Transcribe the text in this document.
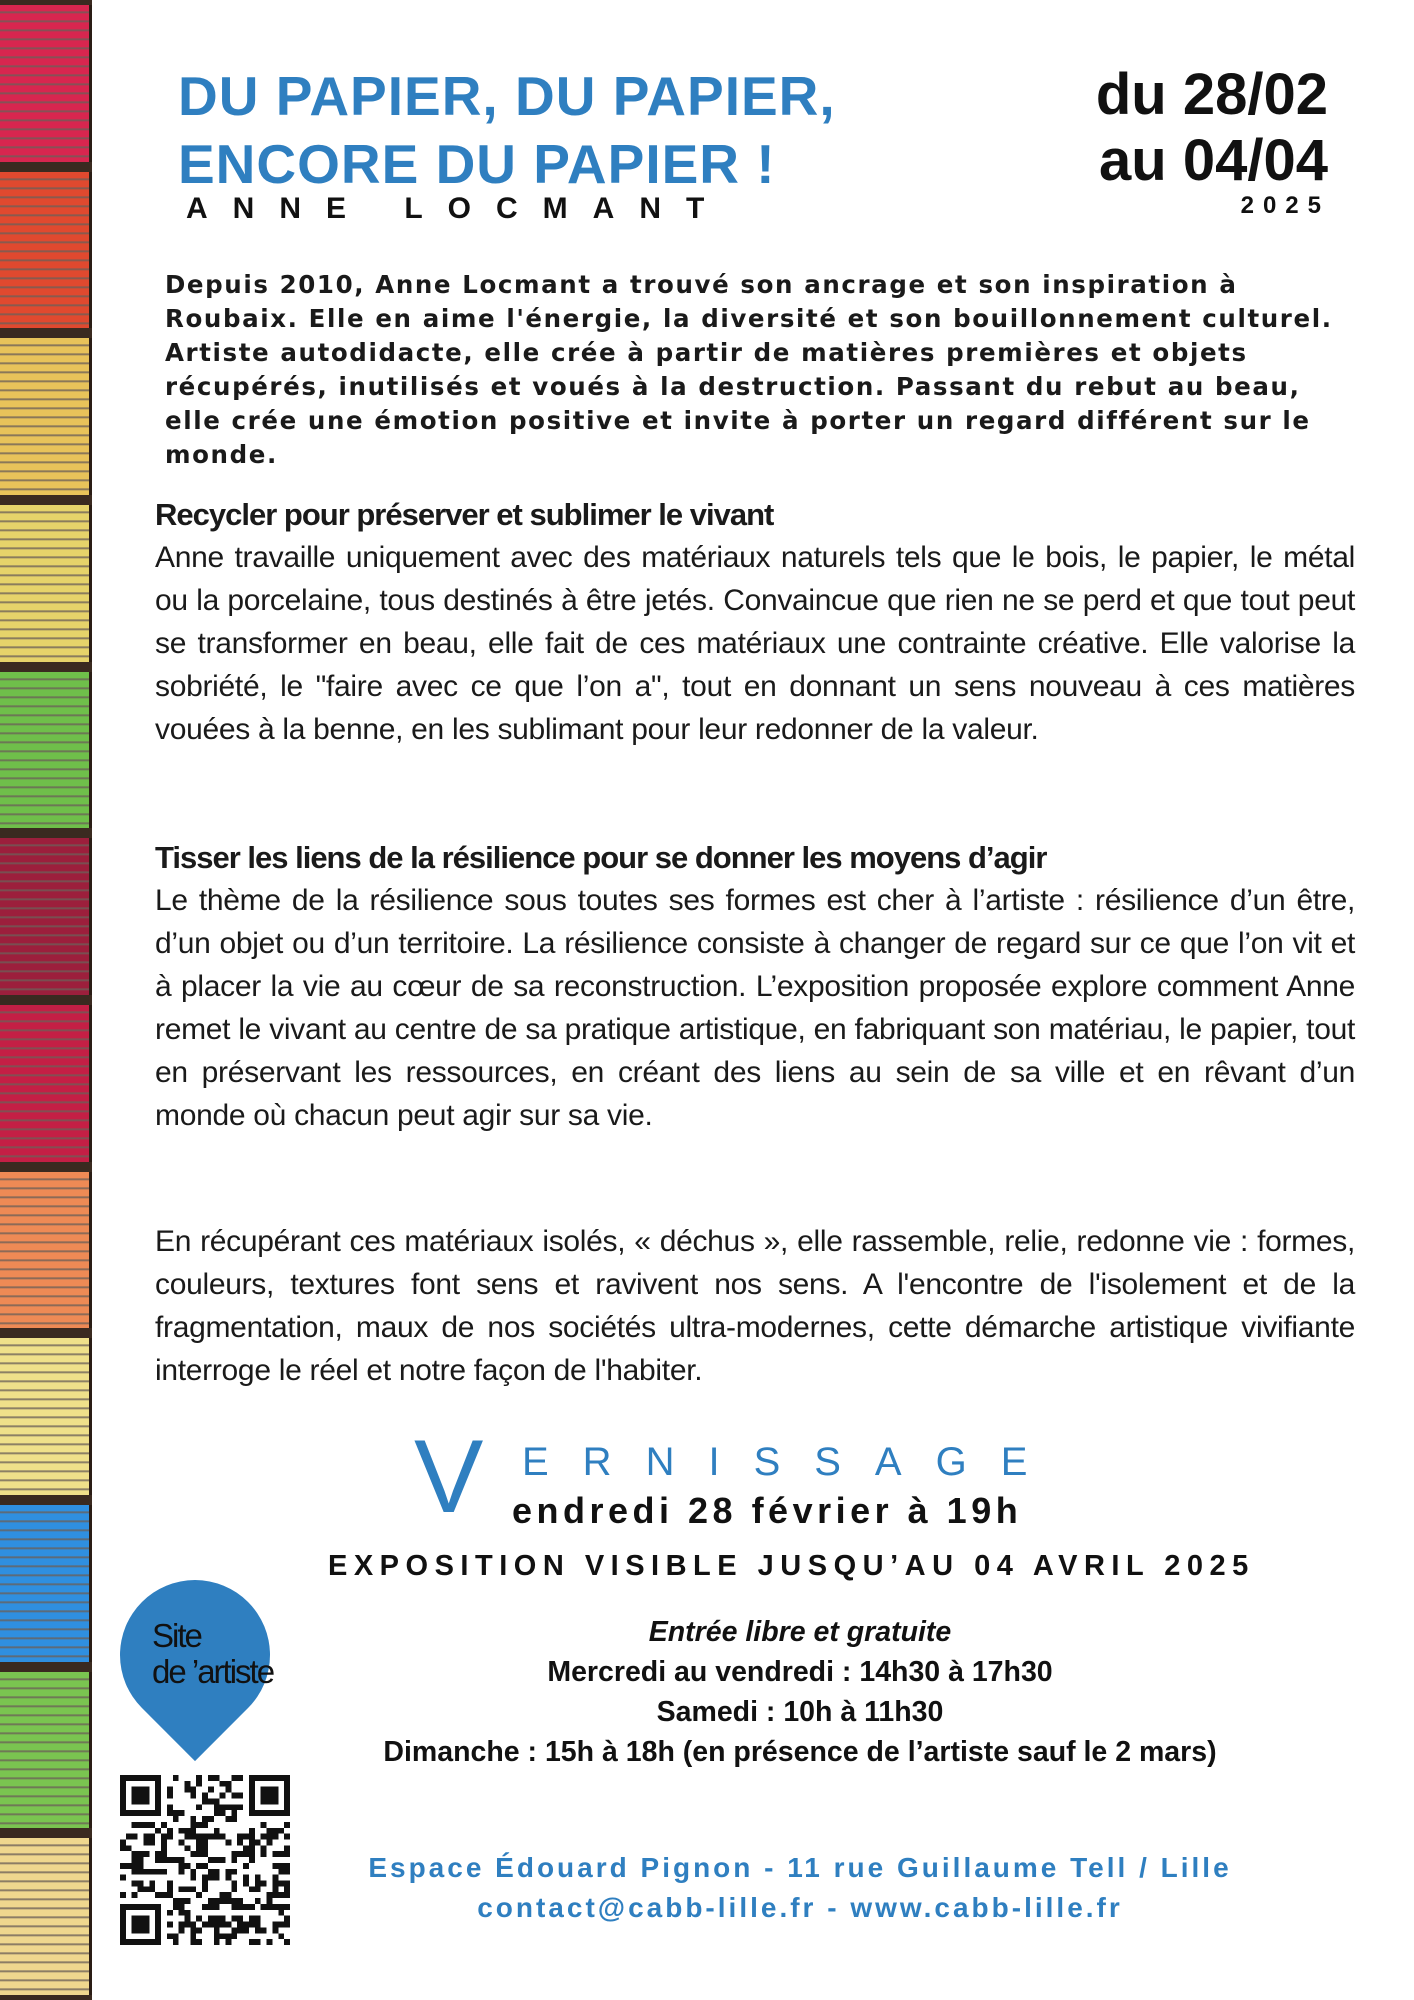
DU PAPIER, DU PAPIER,
ENCORE DU PAPIER !
ANNE LOCMANT
du 28/02
au 04/04
2025
Depuis 2010, Anne Locmant a trouvé son ancrage et son inspiration à Roubaix. Elle en aime l'énergie, la diversité et son bouillonnement culturel. Artiste autodidacte, elle crée à partir de matières premières et objets récupérés, inutilisés et voués à la destruction. Passant du rebut au beau, elle crée une émotion positive et invite à porter un regard différent sur le monde.
Recycler pour préserver et sublimer le vivant

Anne travaille uniquement avec des matériaux naturels tels que le bois, le papier, le métal ou la porcelaine, tous destinés à être jetés. Convaincue que rien ne se perd et que tout peut se transformer en beau, elle fait de ces matériaux une contrainte créative. Elle valorise la sobriété, le "faire avec ce que l’on a", tout en donnant un sens nouveau à ces matières vouées à la benne, en les sublimant pour leur redonner de la valeur.

Tisser les liens de la résilience pour se donner les moyens d’agir

Le thème de la résilience sous toutes ses formes est cher à l’artiste : résilience d’un être, d’un objet ou d’un territoire. La résilience consiste à changer de regard sur ce que l’on vit et à placer la vie au cœur de sa reconstruction. L’exposition proposée explore comment Anne remet le vivant au centre de sa pratique artistique, en fabriquant son matériau, le papier, tout en préservant les ressources, en créant des liens au sein de sa ville et en rêvant d’un monde où chacun peut agir sur sa vie.

En récupérant ces matériaux isolés, « déchus », elle rassemble, relie, redonne vie : formes, couleurs, textures font sens et ravivent nos sens. A l'encontre de l'isolement et de la fragmentation, maux de nos sociétés ultra-modernes, cette démarche artistique vivifiante interroge le réel et notre façon de l'habiter.

V ERNISSAGE
endredi 28 février à 19h
EXPOSITION VISIBLE JUSQU’AU 04 AVRIL 2025
Entrée libre et gratuite
Mercredi au vendredi : 14h30 à 17h30
Samedi : 10h à 11h30
Dimanche : 15h à 18h (en présence de l’artiste sauf le 2 mars)
Site
de ’artiste
Espace Édouard Pignon - 11 rue Guillaume Tell / Lille
contact@cabb-lille.fr - www.cabb-lille.fr
